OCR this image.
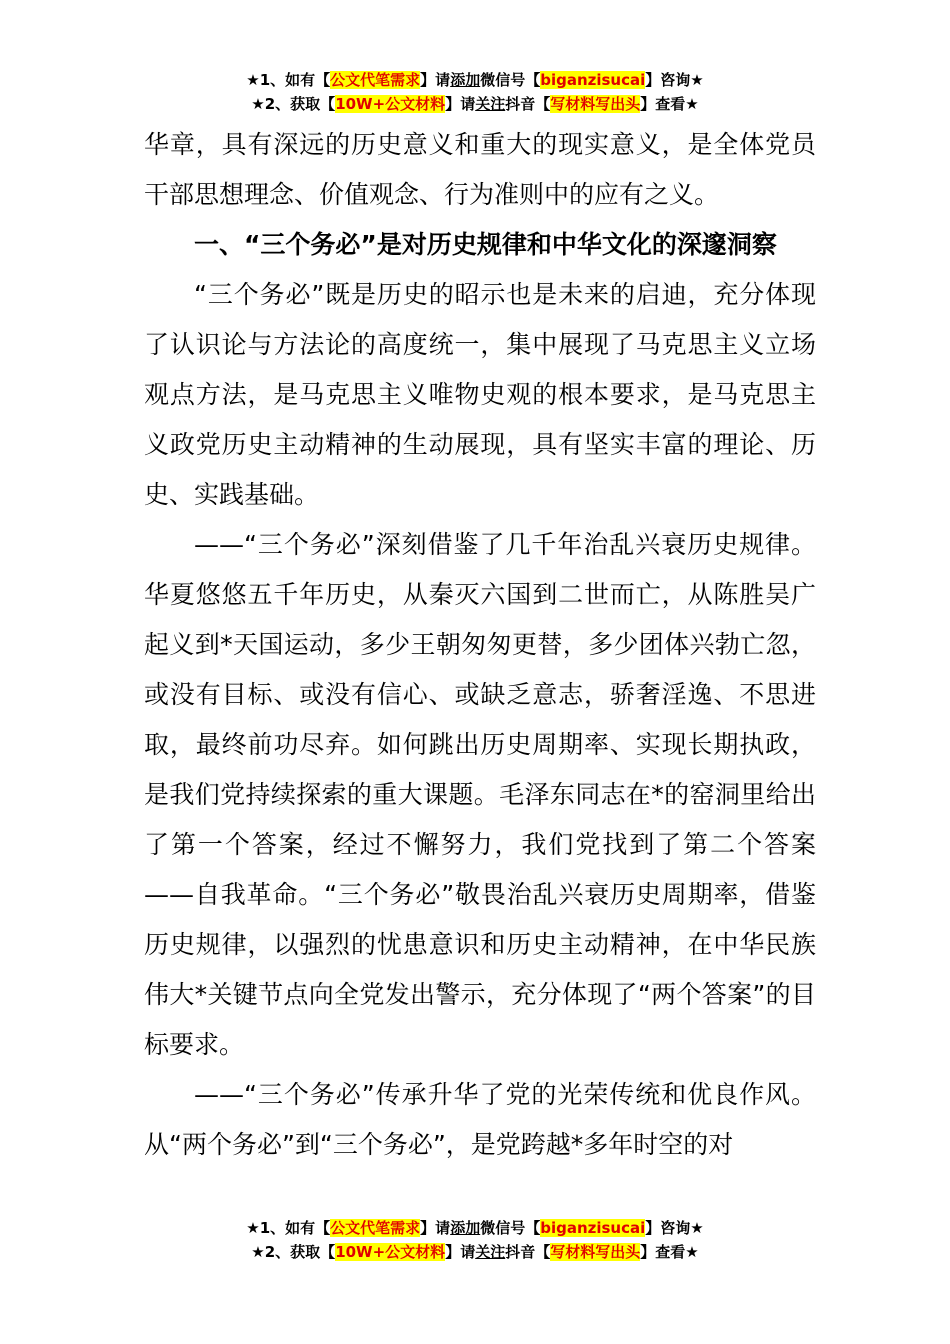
★1、如有【公文代笔需求】请添加微信号【biganzisucai】咨询★
★2、获取【10W+公文材料】请关注抖音【写材料写出头】查看★

华章，具有深远的历史意义和重大的现实意义，是全体党员干部思想理念、价值观念、行为准则中的应有之义。

一、“三个务必”是对历史规律和中华文化的深邃洞察

“三个务必”既是历史的昭示也是未来的启迪，充分体现了认识论与方法论的高度统一，集中展现了马克思主义立场观点方法，是马克思主义唯物史观的根本要求，是马克思主义政党历史主动精神的生动展现，具有坚实丰富的理论、历史、实践基础。

——“三个务必”深刻借鉴了几千年治乱兴衰历史规律。华夏悠悠五千年历史，从秦灭六国到二世而亡，从陈胜吴广起义到*天国运动，多少王朝匆匆更替，多少团体兴勃亡忽，或没有目标、或没有信心、或缺乏意志，骄奢淫逸、不思进取，最终前功尽弃。如何跳出历史周期率、实现长期执政，是我们党持续探索的重大课题。毛泽东同志在*的窑洞里给出了第一个答案，经过不懈努力，我们党找到了第二个答案——自我革命。“三个务必”敬畏治乱兴衰历史周期率，借鉴历史规律，以强烈的忧患意识和历史主动精神，在中华民族伟大*关键节点向全党发出警示，充分体现了“两个答案”的目标要求。

——“三个务必”传承升华了党的光荣传统和优良作风。从“两个务必”到“三个务必”，是党跨越*多年时空的对

★1、如有【公文代笔需求】请添加微信号【biganzisucai】咨询★
★2、获取【10W+公文材料】请关注抖音【写材料写出头】查看★
